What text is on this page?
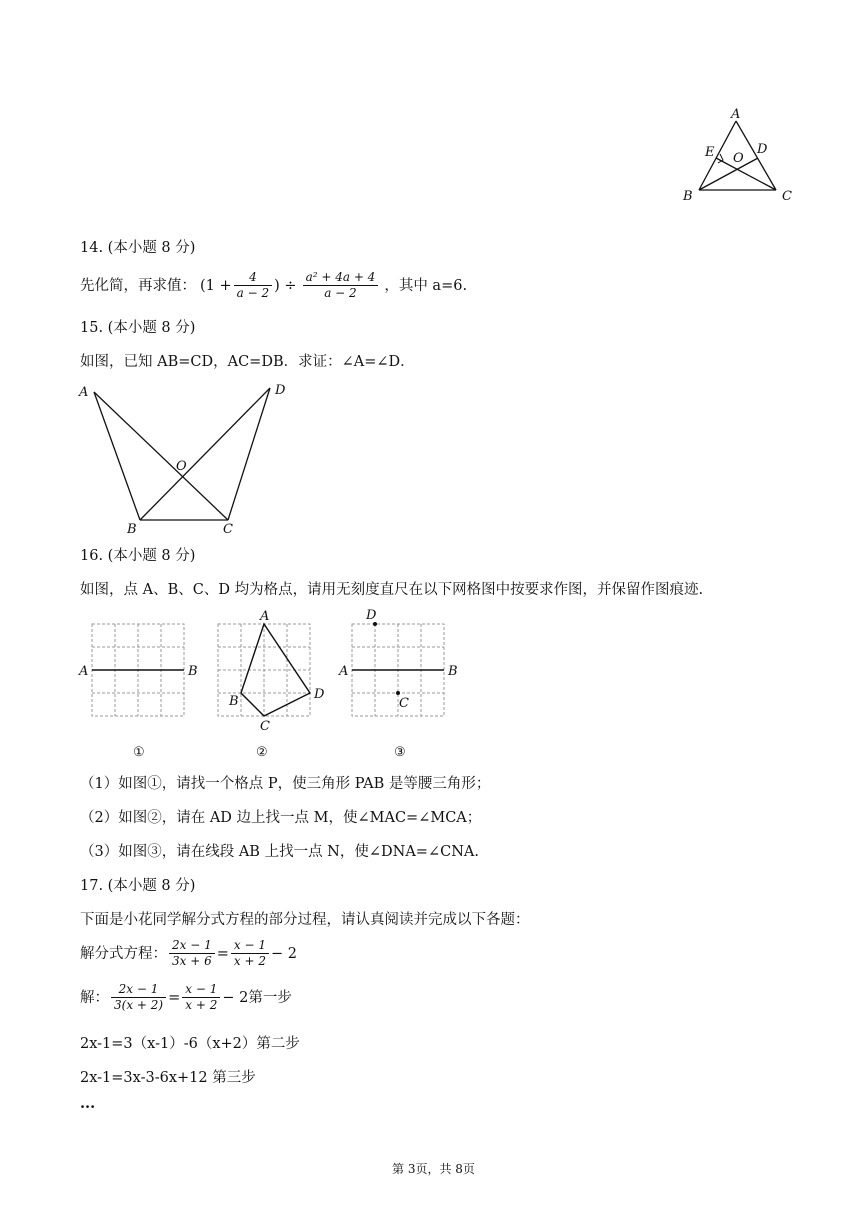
A
E O
D
B	C
14. (本小题 8 分)
先化简，再求值： ($1 + \frac{4}{a - 2}$ ) ÷ $\frac{\text{a² + 4a + 4}}{a - 2}$ ，其中 a=6.
15. (本小题 8 分)
如图，已知 AB=CD，AC=DB．求证：∠A=∠D．
A	D
O
B	C
16. (本小题 8 分)
如图，点 A、B、C、D 均为格点，请用无刻度直尺在以下网格图中按要求作图，并保留作图痕迹.
A	B
①
A
B
C
D
②
D
A	B
C
③
（1）如图①，请找一个格点 P，使三角形 PAB 是等腰三角形；
（2）如图②，请在 AD 边上找一点 M，使∠MAC=∠MCA；
（3）如图③，请在线段 AB 上找一点 N，使∠DNA=∠CNA.
17. (本小题 8 分)
下面是小花同学解分式方程的部分过程，请认真阅读并完成以下各题：
解分式方程： $\frac{2x - 1}{3x + 6} = \frac{x - 1}{x + 2} - 2$
解： $\frac{2x - 1}{3(x + 2)} = \frac{x - 1}{x + 2} - 2$ 第一步
2x-1=3（x-1）-6（x+2）第二步
2x-1=3x-3-6x+12 第三步
···
第 3页，共 8页
